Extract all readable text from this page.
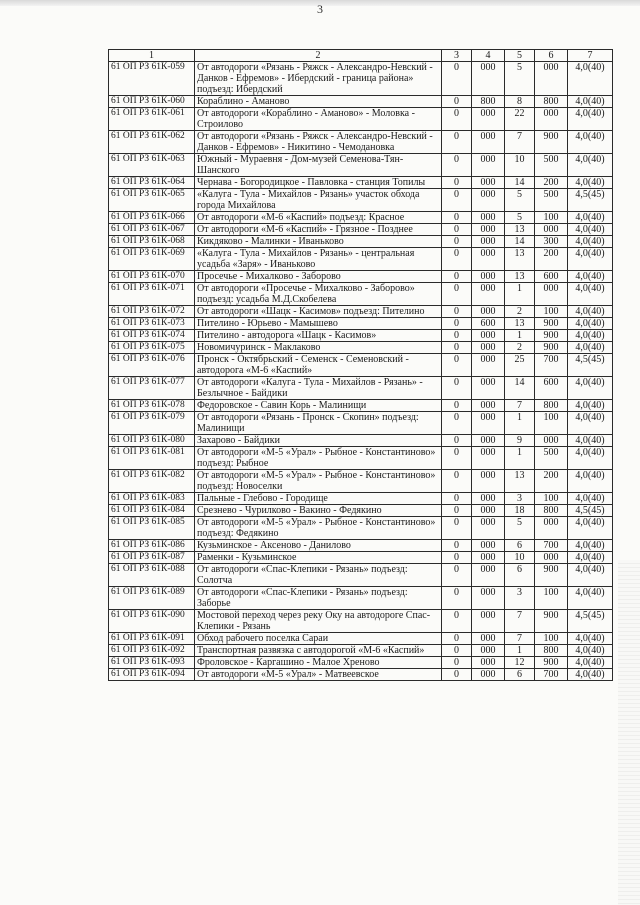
3
1	2	3	4	5	6	7
61 ОП РЗ 61К-059	От автодороги «Рязань - Ряжск - Александро-Невский - Данков - Ефремов» - Ибердский - граница района» подъезд: Ибердский	0	000	5	000	4,0(40)
61 ОП РЗ 61К-060	Кораблино - Аманово	0	800	8	800	4,0(40)
61 ОП РЗ 61К-061	От автодороги «Кораблино - Аманово» - Моловка - Строилово	0	000	22	000	4,0(40)
61 ОП РЗ 61К-062	От автодороги «Рязань - Ряжск - Александро-Невский - Данков - Ефремов» - Никитино - Чемодановка	0	000	7	900	4,0(40)
61 ОП РЗ 61К-063	Южный - Мураевня - Дом-музей Семенова-Тян-Шанского	0	000	10	500	4,0(40)
61 ОП РЗ 61К-064	Чернава - Богородицкое - Павловка - станция Топилы	0	000	14	200	4,0(40)
61 ОП РЗ 61К-065	«Калуга - Тула - Михайлов - Рязань» участок обхода города Михайлова	0	000	5	500	4,5(45)
61 ОП РЗ 61К-066	От автодороги «М-6 «Каспий» подъезд: Красное	0	000	5	100	4,0(40)
61 ОП РЗ 61К-067	От автодороги «М-6 «Каспий» - Грязное - Позднее	0	000	13	000	4,0(40)
61 ОП РЗ 61К-068	Кикдяково - Малинки - Иваньково	0	000	14	300	4,0(40)
61 ОП РЗ 61К-069	«Калуга - Тула - Михайлов - Рязань» - центральная усадьба «Заря» - Иваньково	0	000	13	200	4,0(40)
61 ОП РЗ 61К-070	Просечье - Михалково - Заборово	0	000	13	600	4,0(40)
61 ОП РЗ 61К-071	От автодороги «Просечье - Михалково - Заборово» подъезд: усадьба М.Д.Скобелева	0	000	1	000	4,0(40)
61 ОП РЗ 61К-072	От автодороги «Шацк - Касимов» подъезд: Пителино	0	000	2	100	4,0(40)
61 ОП РЗ 61К-073	Пителино - Юрьево - Мамышево	0	600	13	900	4,0(40)
61 ОП РЗ 61К-074	Пителино - автодорога «Шацк - Касимов»	0	000	1	900	4,0(40)
61 ОП РЗ 61К-075	Новомичуринск - Маклаково	0	000	2	900	4,0(40)
61 ОП РЗ 61К-076	Пронск - Октябрьский - Семенск - Семеновский - автодорога «М-6 «Каспий»	0	000	25	700	4,5(45)
61 ОП РЗ 61К-077	От автодороги «Калуга - Тула - Михайлов - Рязань» - Безлычное - Байдики	0	000	14	600	4,0(40)
61 ОП РЗ 61К-078	Федоровское - Савин Корь - Малинищи	0	000	7	800	4,0(40)
61 ОП РЗ 61К-079	От автодороги «Рязань - Пронск - Скопин» подъезд: Малинищи	0	000	1	100	4,0(40)
61 ОП РЗ 61К-080	Захарово - Байдики	0	000	9	000	4,0(40)
61 ОП РЗ 61К-081	От автодороги «М-5 «Урал» - Рыбное - Константиново» подъезд: Рыбное	0	000	1	500	4,0(40)
61 ОП РЗ 61К-082	От автодороги «М-5 «Урал» - Рыбное - Константиново» подъезд: Новоселки	0	000	13	200	4,0(40)
61 ОП РЗ 61К-083	Пальные - Глебово - Городище	0	000	3	100	4,0(40)
61 ОП РЗ 61К-084	Срезнево - Чурилково - Вакино - Федякино	0	000	18	800	4,5(45)
61 ОП РЗ 61К-085	От автодороги «М-5 «Урал» - Рыбное - Константиново» подъезд: Федякино	0	000	5	000	4,0(40)
61 ОП РЗ 61К-086	Кузьминское - Аксеново - Данилово	0	000	6	700	4,0(40)
61 ОП РЗ 61К-087	Раменки - Кузьминское	0	000	10	000	4,0(40)
61 ОП РЗ 61К-088	От автодороги «Спас-Клепики - Рязань» подъезд: Солотча	0	000	6	900	4,0(40)
61 ОП РЗ 61К-089	От автодороги «Спас-Клепики - Рязань» подъезд: Заборье	0	000	3	100	4,0(40)
61 ОП РЗ 61К-090	Мостовой переход через реку Оку на автодороге Спас-Клепики - Рязань	0	000	7	900	4,5(45)
61 ОП РЗ 61К-091	Обход рабочего поселка Сараи	0	000	7	100	4,0(40)
61 ОП РЗ 61К-092	Транспортная развязка с автодорогой «М-6 «Каспий»	0	000	1	800	4,0(40)
61 ОП РЗ 61К-093	Фроловское - Каргашино - Малое Хреново	0	000	12	900	4,0(40)
61 ОП РЗ 61К-094	От автодороги «М-5 «Урал» - Матвеевское	0	000	6	700	4,0(40)
